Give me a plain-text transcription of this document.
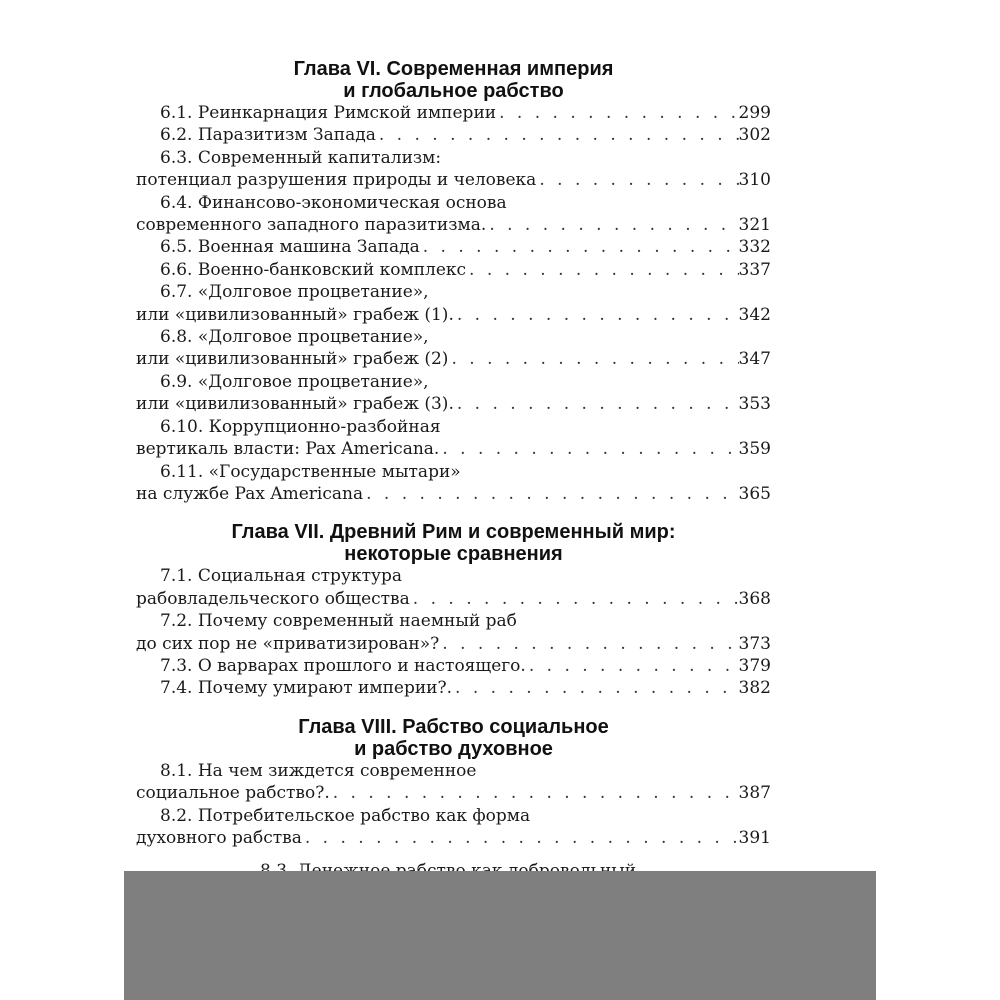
Глава VI. Современная империя
и глобальное рабство
6.1. Реинкарнация Римской империи . . .	299
6.2. Паразитизм Запада . . .	302
6.3. Современный капитализм:
потенциал разрушения природы и человека . . .	310
6.4. Финансово-экономическая основа
современного западного паразитизма. . . .	321
6.5. Военная машина Запада . . .	332
6.6. Военно-банковский комплекс . . .	337
6.7. «Долговое процветание»,
или «цивилизованный» грабеж (1). . . .	342
6.8. «Долговое процветание»,
или «цивилизованный» грабеж (2) . . .	347
6.9. «Долговое процветание»,
или «цивилизованный» грабеж (3). . . .	353
6.10. Коррупционно-разбойная
вертикаль власти: Pax Americana. . . .	359
6.11. «Государственные мытари»
на службе Pax Americana . . .	365
Глава VII. Древний Рим и современный мир:
некоторые сравнения
7.1. Социальная структура
рабовладельческого общества . . .	368
7.2. Почему современный наемный раб
до сих пор не «приватизирован»? . . .	373
7.3. О варварах прошлого и настоящего. . . .	379
7.4. Почему умирают империи?. . . .	382
Глава VIII. Рабство социальное
и рабство духовное
8.1. На чем зиждется современное
социальное рабство?. . . .	387
8.2. Потребительское рабство как форма
духовного рабства . . .	391
